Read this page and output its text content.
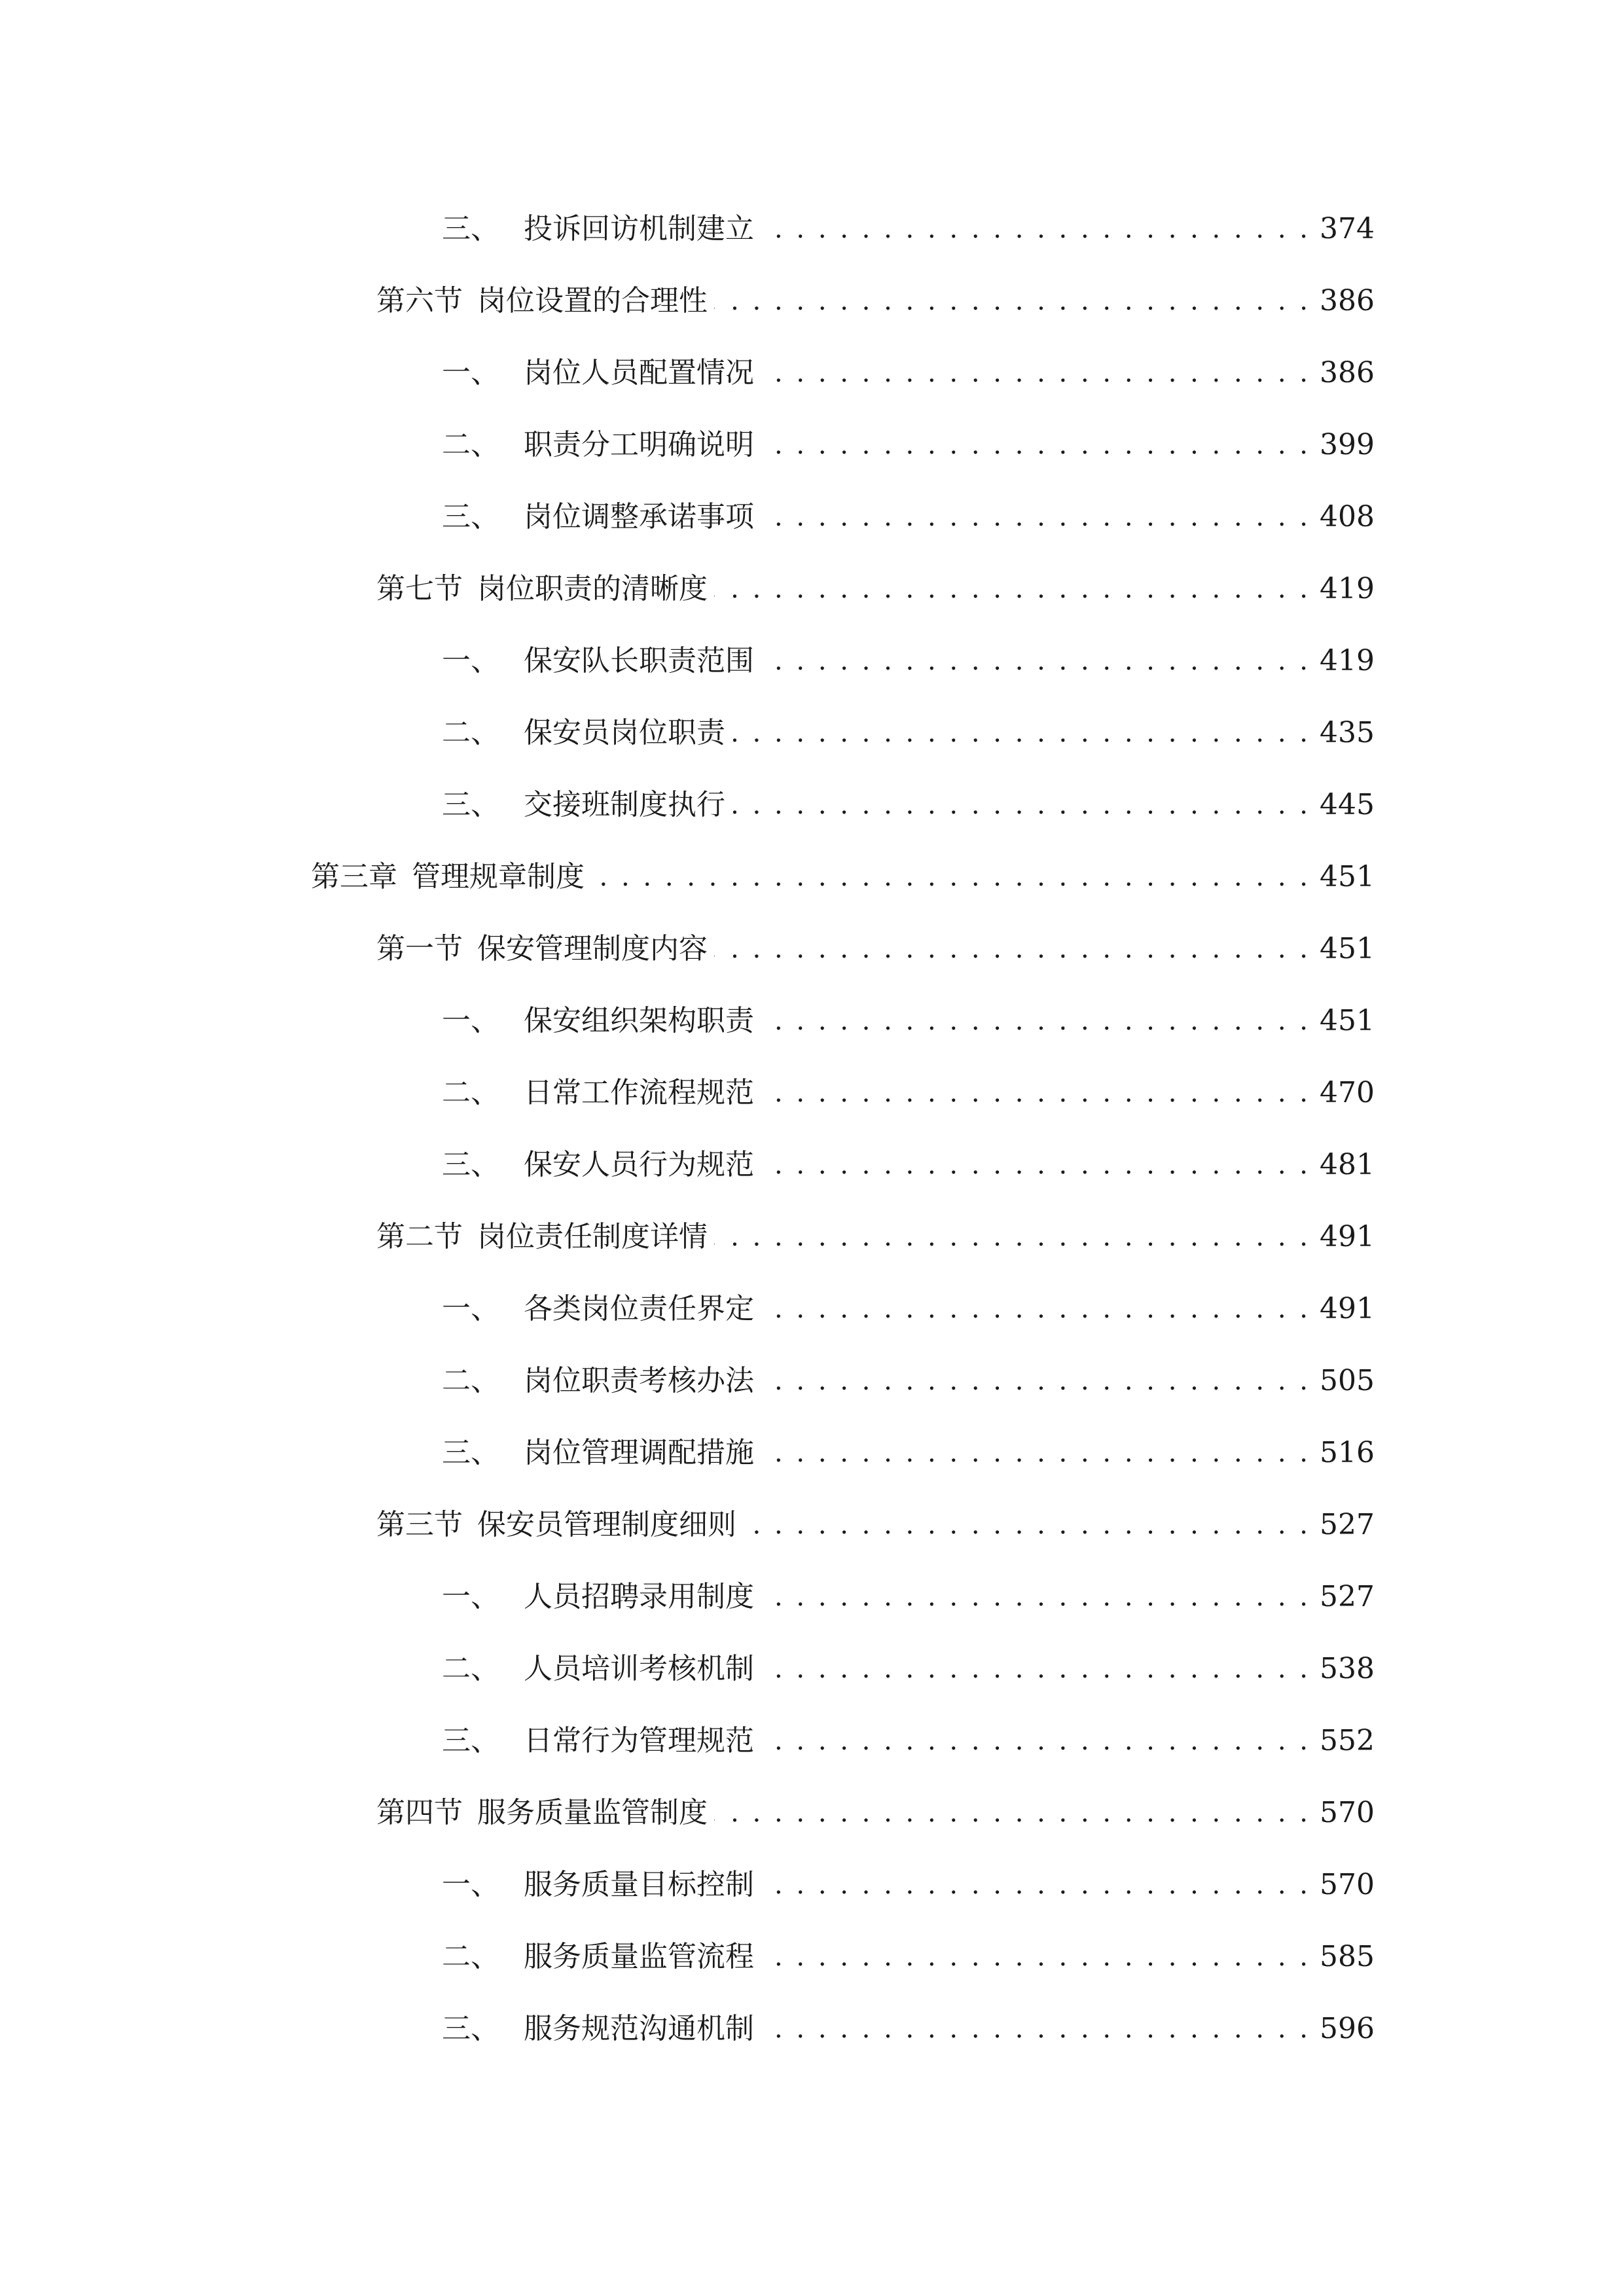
三、 投诉回访机制建立 . . .	374
第六节 岗位设置的合理性 . . .	386
一、 岗位人员配置情况 . . .	386
二、 职责分工明确说明 . . .	399
三、 岗位调整承诺事项 . . .	408
第七节 岗位职责的清晰度 . . .	419
一、 保安队长职责范围 . . .	419
二、 保安员岗位职责 . . .	435
三、 交接班制度执行 . . .	445
第三章 管理规章制度 . . .	451
第一节 保安管理制度内容 . . .	451
一、 保安组织架构职责 . . .	451
二、 日常工作流程规范 . . .	470
三、 保安人员行为规范 . . .	481
第二节 岗位责任制度详情 . . .	491
一、 各类岗位责任界定 . . .	491
二、 岗位职责考核办法 . . .	505
三、 岗位管理调配措施 . . .	516
第三节 保安员管理制度细则 . . .	527
一、 人员招聘录用制度 . . .	527
二、 人员培训考核机制 . . .	538
三、 日常行为管理规范 . . .	552
第四节 服务质量监管制度 . . .	570
一、 服务质量目标控制 . . .	570
二、 服务质量监管流程 . . .	585
三、 服务规范沟通机制 . . .	596
